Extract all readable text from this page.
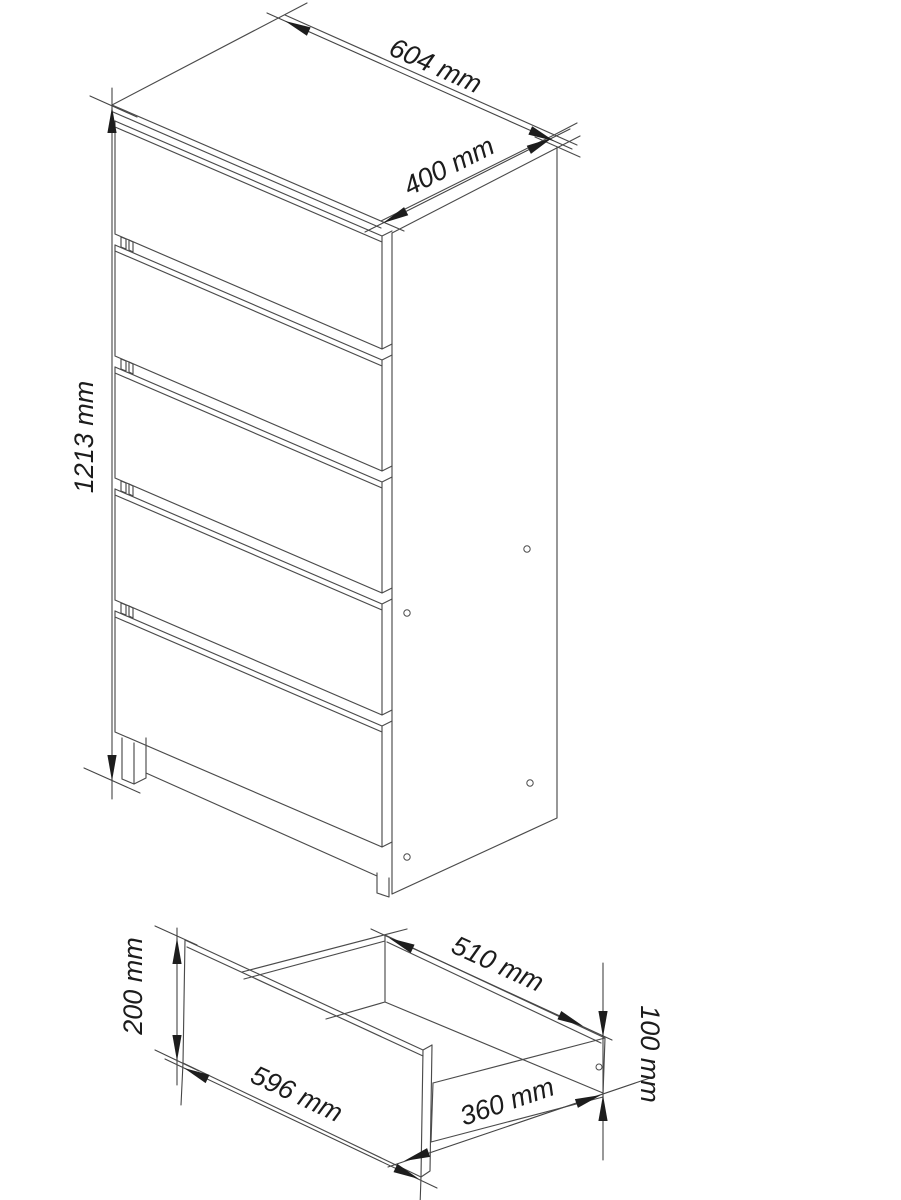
604 mm
400 mm
1213 mm
200 mm	510 mm
596 mm	360 mm	100 mm
